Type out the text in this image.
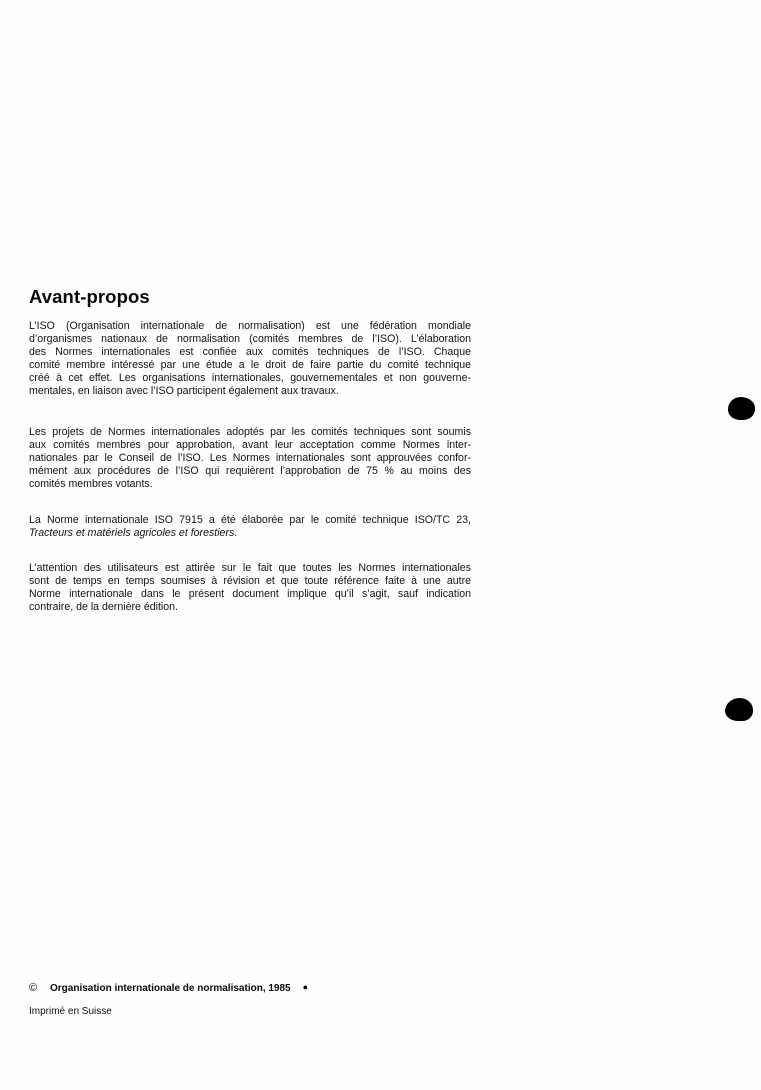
Avant-propos

L’ISO (Organisation internationale de normalisation) est une fédération mondiale
d’organismes nationaux de normalisation (comités membres de l’ISO). L’élaboration
des Normes internationales est confiée aux comités techniques de l’ISO. Chaque
comité membre intéressé par une étude a le droit de faire partie du comité technique
créé à cet effet. Les organisations internationales, gouvernementales et non gouverne-
mentales, en liaison avec l’ISO participent également aux travaux.

Les projets de Normes internationales adoptés par les comités techniques sont soumis
aux comités membres pour approbation, avant leur acceptation comme Normes inter-
nationales par le Conseil de l’ISO. Les Normes internationales sont approuvées confor-
mément aux procédures de l’ISO qui requièrent l’approbation de 75 % au moins des
comités membres votants.

La Norme internationale ISO 7915 a été élaborée par le comité technique ISO/TC 23,
Tracteurs et matériels agricoles et forestiers.

L’attention des utilisateurs est attirée sur le fait que toutes les Normes internationales
sont de temps en temps soumises à révision et que toute référence faite à une autre
Norme internationale dans le présent document implique qu’il s’agit, sauf indication
contraire, de la dernière édition.

© Organisation internationale de normalisation, 1985 ●
Imprimé en Suisse
